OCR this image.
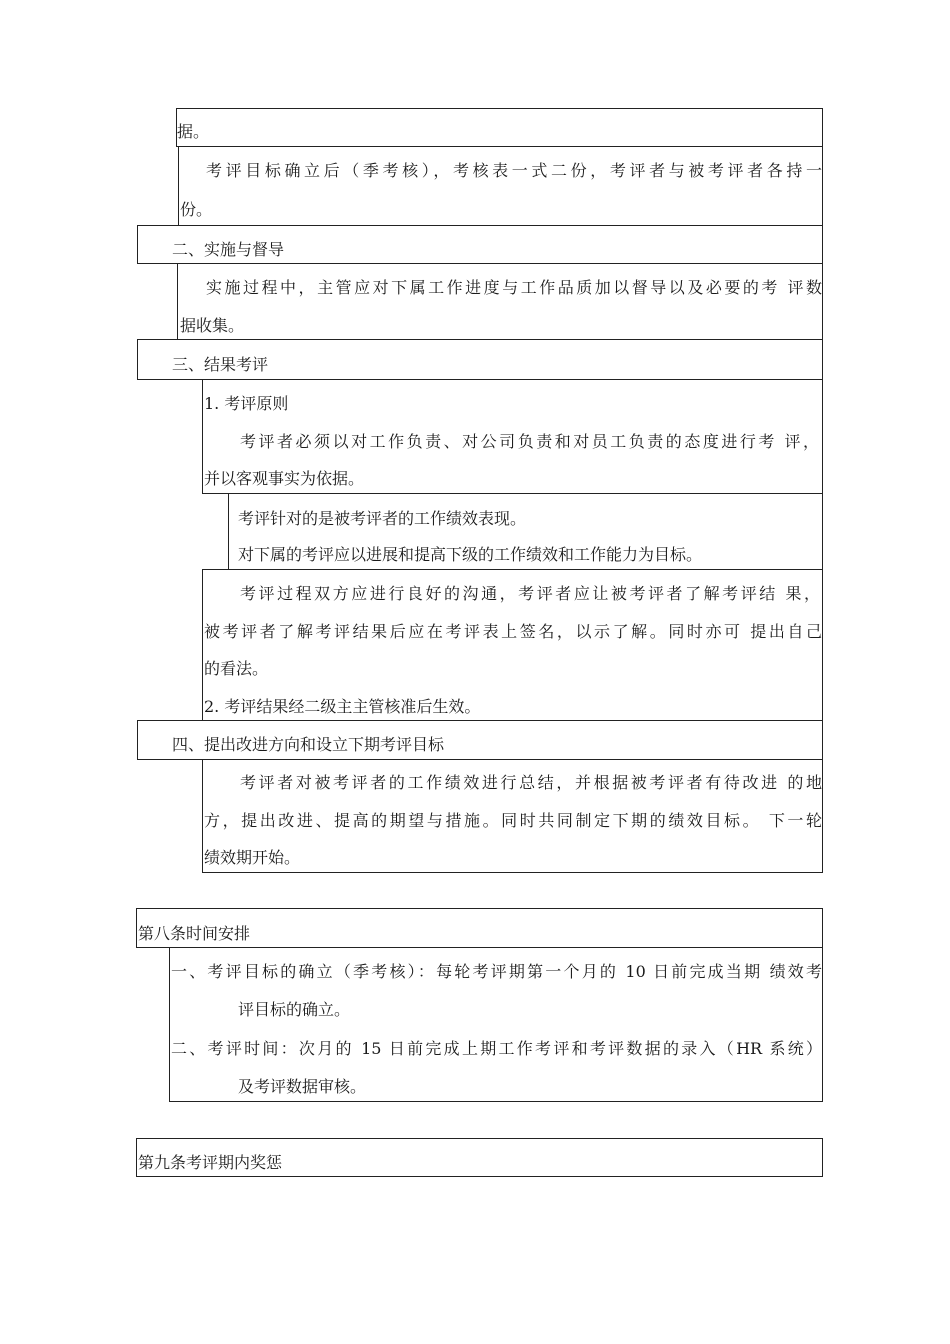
据。
考评目标确立后（季考核），考核表一式二份，考评者与被考评者各持一
份。
二、实施与督导
实施过程中，主管应对下属工作进度与工作品质加以督导以及必要的考 评数
据收集。
三、结果考评
1. 考评原则
考评者必须以对工作负责、对公司负责和对员工负责的态度进行考 评，
并以客观事实为依据。
考评针对的是被考评者的工作绩效表现。
对下属的考评应以进展和提高下级的工作绩效和工作能力为目标。
考评过程双方应进行良好的沟通，考评者应让被考评者了解考评结 果，
被考评者了解考评结果后应在考评表上签名，以示了解。同时亦可 提出自己
的看法。
2. 考评结果经二级主主管核准后生效。
四、提出改进方向和设立下期考评目标
考评者对被考评者的工作绩效进行总结，并根据被考评者有待改进 的地
方，提出改进、提高的期望与措施。同时共同制定下期的绩效目标。 下一轮
绩效期开始。
第八条时间安排
一、考评目标的确立（季考核）：每轮考评期第一个月的 10 日前完成当期 绩效考
评目标的确立。
二、考评时间：次月的 15 日前完成上期工作考评和考评数据的录入（HR 系统）
及考评数据审核。
第九条考评期内奖惩
